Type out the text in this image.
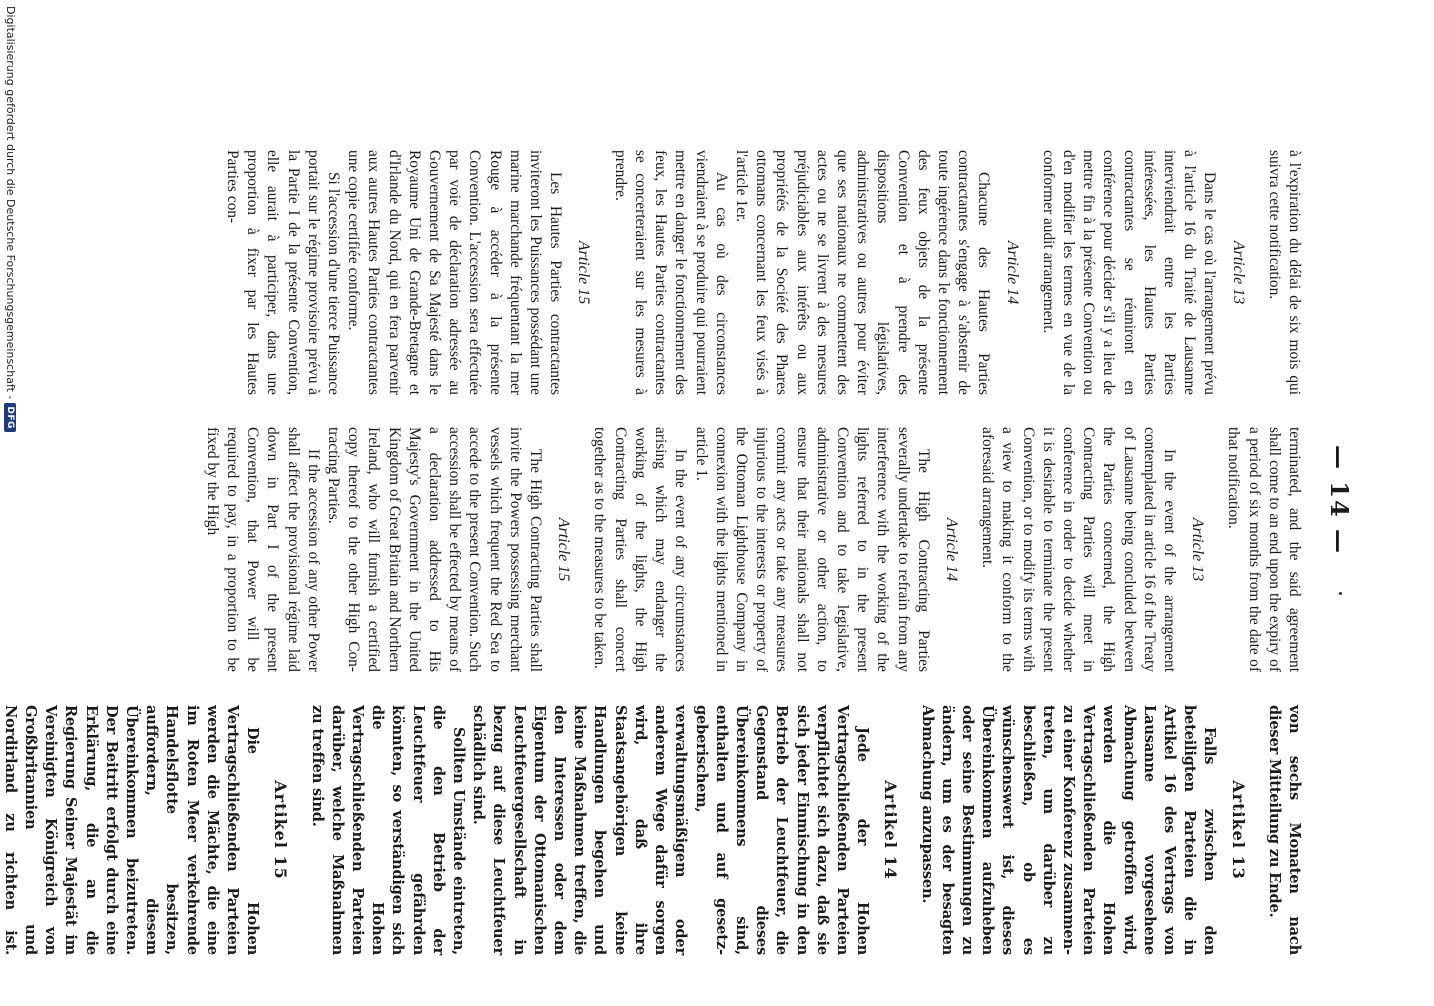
— 14 —

à l'expiration du délai de six mois qui suivra cette notification.

Article 13

Dans le cas où l'arrangement prévu à l'article 16 du Traité de Lausanne interviendrait entre les Parties intéressées, les Hautes Parties contractantes se réuniront en conférence pour décider s'il y a lieu de mettre fin à la présente Convention ou d'en modifier les termes en vue de la conformer audit arrangement.

Article 14

Chacune des Hautes Parties contractantes s'engage à s'abstenir de toute ingérence dans le fonctionnement des feux objets de la présente Convention et à prendre des dispositions législatives, administratives ou autres pour éviter que ses nationaux ne commettent des actes ou ne se livrent à des mesures préjudiciables aux intérêts ou aux propriétés de la Société des Phares ottomans concernant les feux visés à l'article 1er.

Au cas où des circonstances viendraient à se produire qui pourraient mettre en danger le fonctionnement des feux, les Hautes Parties contractantes se concerteraient sur les mesures à prendre.

Article 15

Les Hautes Parties contractantes inviteront les Puissances possédant une marine marchande fréquentant la mer Rouge à accéder à la présente Convention. L'accession sera effectuée par voie de déclaration adressée au Gouvernement de Sa Majesté dans le Royaume Uni de Grande-Bretagne et d'Irlande du Nord, qui en fera parvenir aux autres Hautes Parties contractantes une copie certifiée conforme.

Si l'accession d'une tierce Puissance portait sur le régime provisoire prévu à la Partie I de la présente Convention, elle aurait à participer, dans une proportion à fixer par les Hautes Parties con-

terminated, and the said agreement shall come to an end upon the expiry of a period of six months from the date of that notification.

Article 13

In the event of the arrangement contemplated in article 16 of the Treaty of Lausanne being concluded between the Parties concerned, the High Contracting Parties will meet in conference in order to decide whether it is desirable to terminate the present Convention, or to modify its terms with a view to making it conform to the aforesaid arrangement.

Article 14

The High Contracting Parties severally undertake to refrain from any interference with the working of the lights referred to in the present Convention and to take legislative, administrative or other action, to ensure that their nationals shall not commit any acts or take any measures injurious to the interests or property of the Ottoman Lighthouse Company in connexion with the lights mentioned in article 1.

In the event of any circumstances arising which may endanger the working of the lights, the High Contracting Parties shall concert together as to the measures to be taken.

Article 15

The High Contracting Parties shall invite the Powers possessing merchant vessels which frequent the Red Sea to accede to the present Convention. Such accession shall be effected by means of a declaration addressed to His Majesty's Government in the United Kingdom of Great Britain and Northern Ireland, who will furnish a certified copy thereof to the other High Contracting Parties.

If the accession of any other Power shall affect the provisional régime laid down in Part I of the present Convention, that Power will be required to pay, in a proportion to be fixed by the High

von sechs Monaten nach dieser Mitteilung zu Ende.

Artikel 13

Falls zwischen den beteiligten Parteien die in Artikel 16 des Vertrags von Lausanne vorgesehene Abmachung getroffen wird, werden die Hohen Vertragschließenden Parteien zu einer Konferenz zusammentreten, um darüber zu beschließen, ob es wünschenswert ist, dieses Übereinkommen aufzuheben oder seine Bestimmungen zu ändern, um es der besagten Abmachung anzupassen.

Artikel 14

Jede der Hohen Vertragschließenden Parteien verpflichtet sich dazu, daß sie sich jeder Einmischung in den Betrieb der Leuchtfeuer, die Gegenstand dieses Übereinkommens sind, enthalten und auf gesetzgeberischem, verwaltungsmäßigem oder anderem Wege dafür sorgen wird, daß ihre Staatsangehörigen keine Handlungen begehen und keine Maßnahmen treffen, die den Interessen oder dem Eigentum der Ottomanischen Leuchtfeuergesellschaft in bezug auf diese Leuchtfeuer schädlich sind.

Sollten Umstände eintreten, die den Betrieb der Leuchtfeuer gefährden könnten, so verständigen sich die Hohen Vertragschließenden Parteien darüber, welche Maßnahmen zu treffen sind.

Artikel 15

Die Hohen Vertragschließenden Parteien werden die Mächte, die eine im Roten Meer verkehrende Handelsflotte besitzen, auffordern, diesem Übereinkommen beizutreten. Der Beitritt erfolgt durch eine Erklärung, die an die Regierung Seiner Majestät im Vereinigten Königreich von Großbritannien und Nordirland zu richten ist.

Digitalisierung gefördert durch die Deutsche Forschungsgemeinschaft -
DFG
